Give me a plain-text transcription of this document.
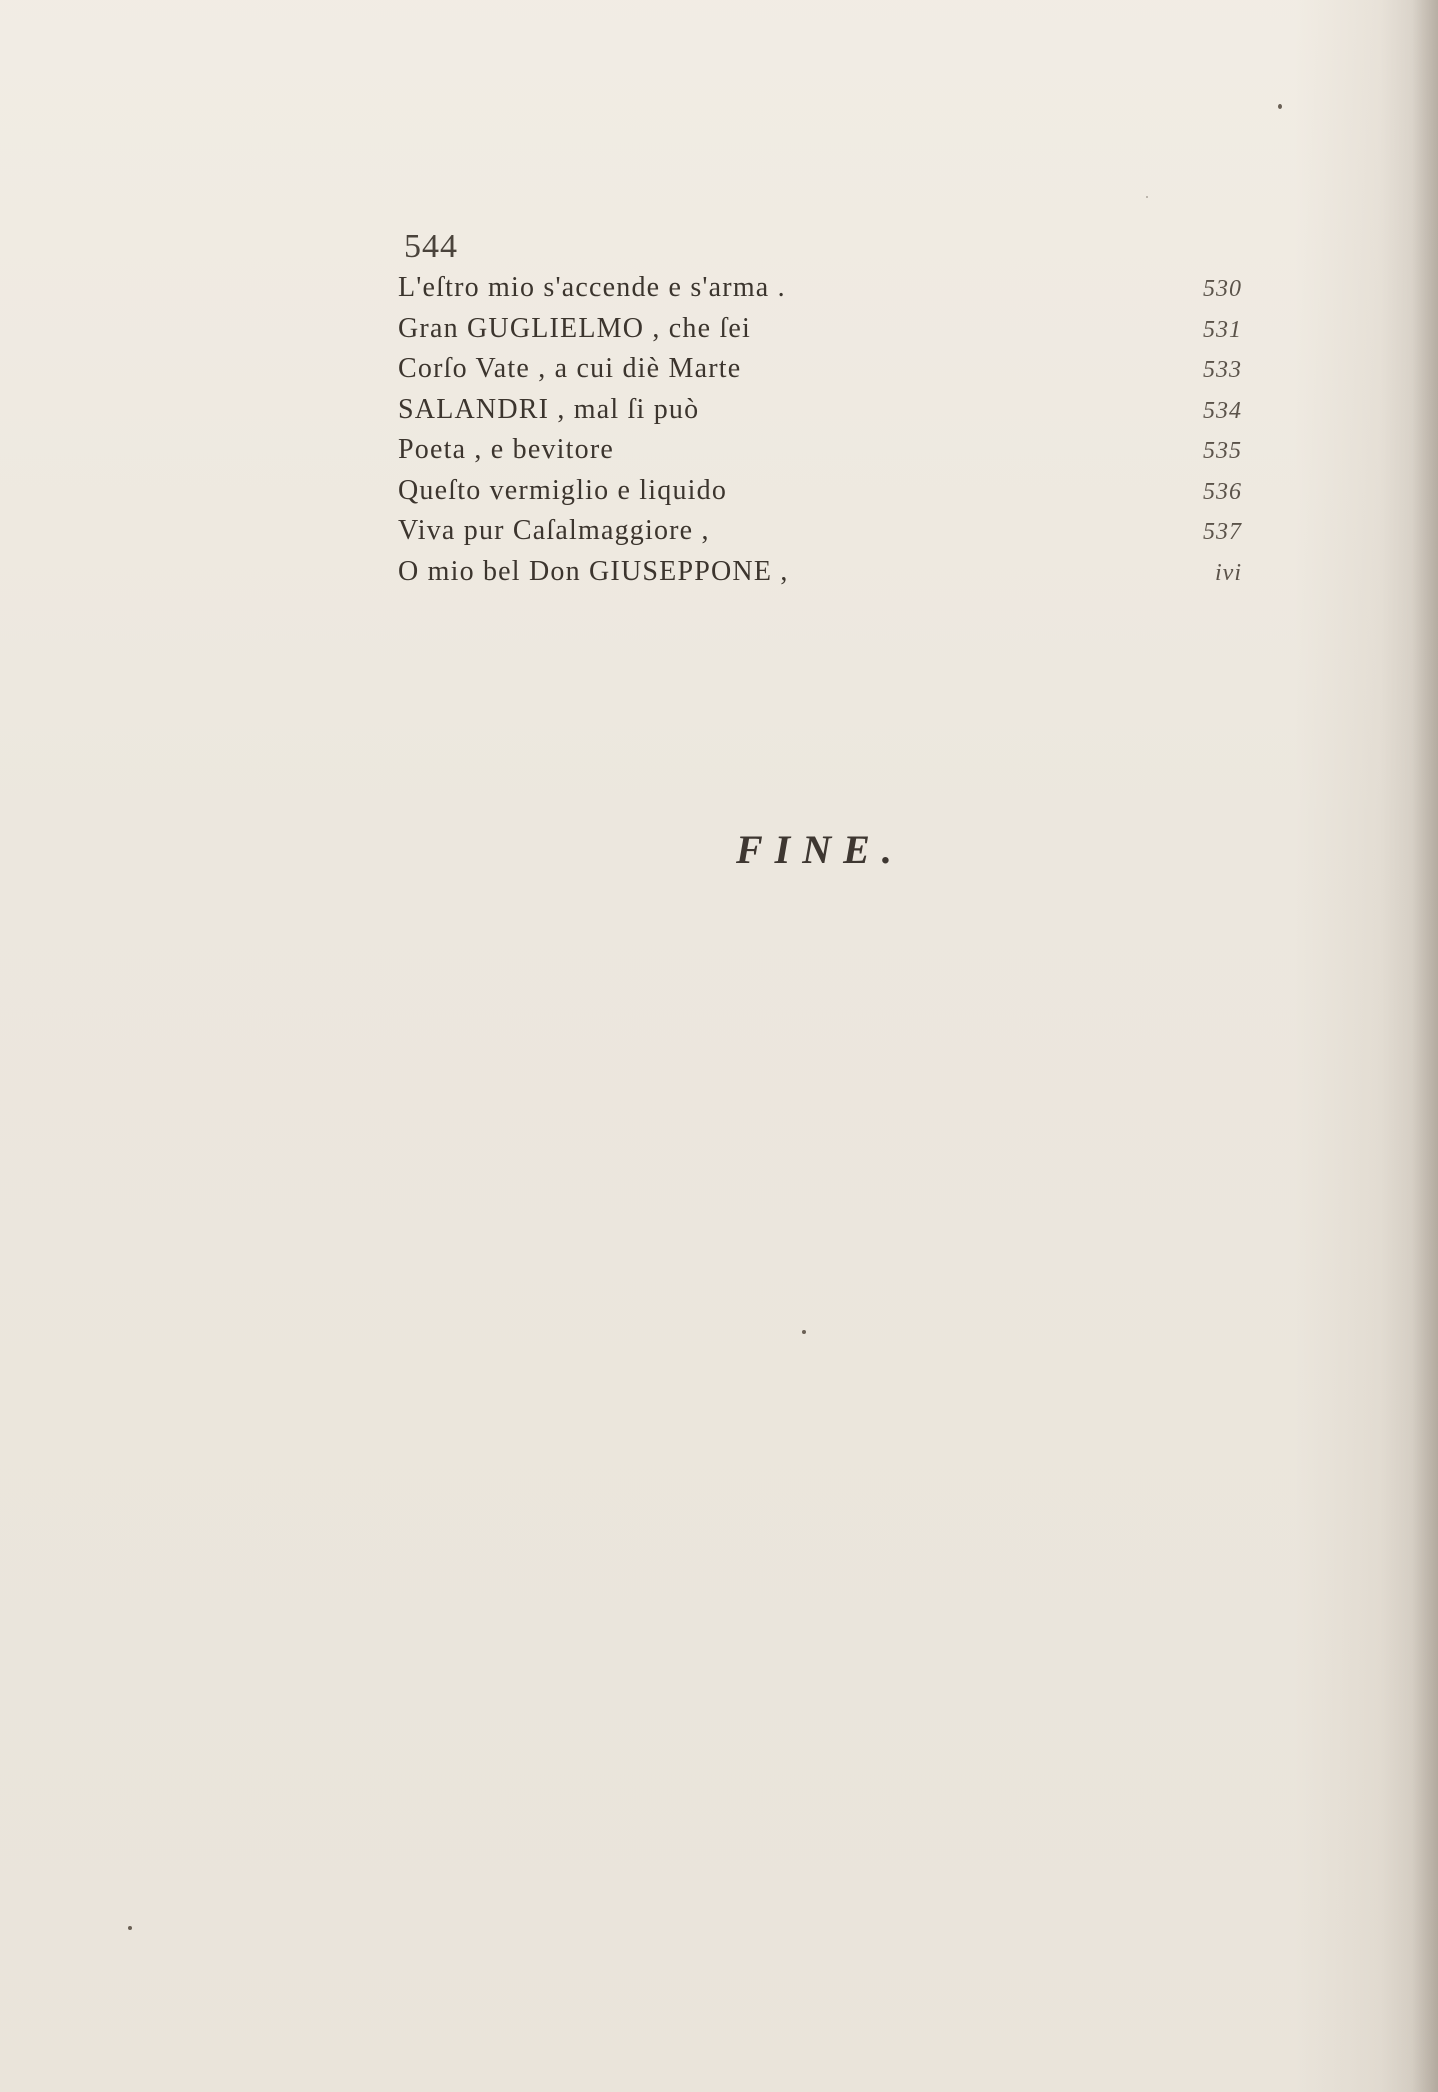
544
L'eſtro mio s'accende e s'arma .	530
Gran GUGLIELMO , che ſei	531
Corſo Vate , a cui diè Marte	533
SALANDRI , mal ſi può	534
Poeta , e bevitore	535
Queſto vermiglio e liquido	536
Viva pur Caſalmaggiore ,	537
O mio bel Don GIUSEPPONE ,	ivi
FINE.
